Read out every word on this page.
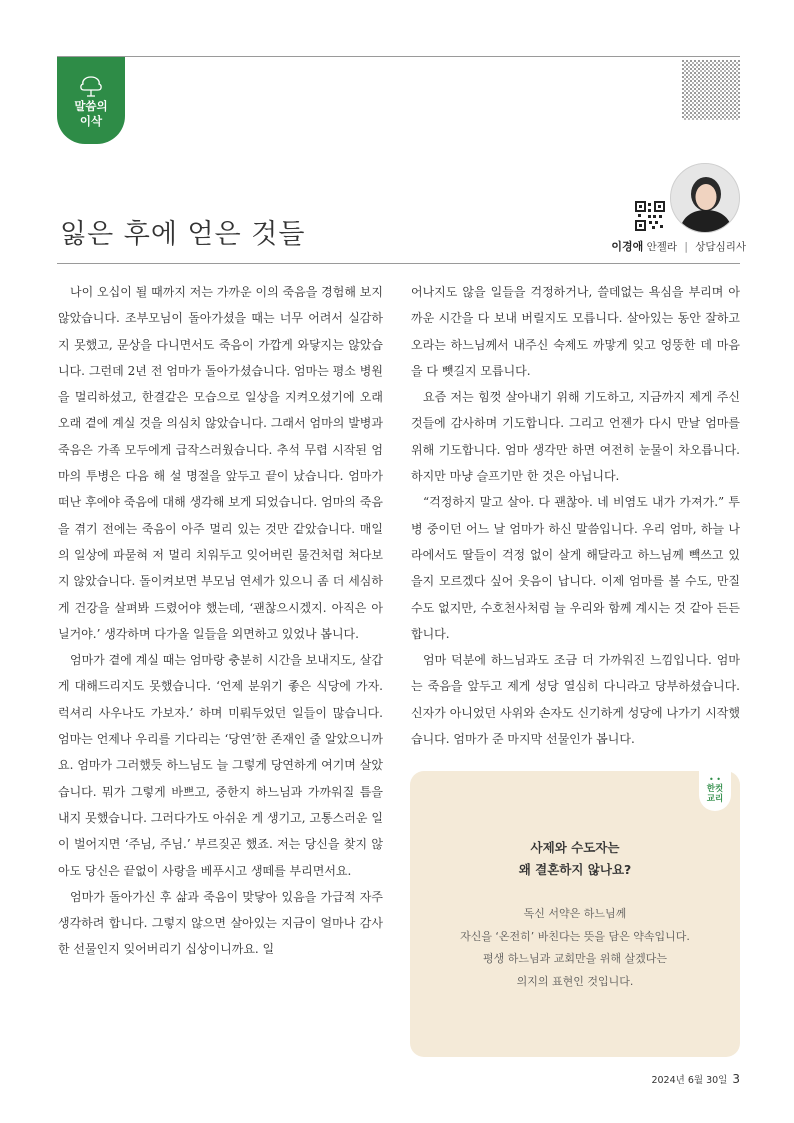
말씀의
이삭
잃은 후에 얻은 것들	이경애 안젤라 | 상담심리사

나이 오십이 될 때까지 저는 가까운 이의 죽음을 경험해 보지 않았습니다. 조부모님이 돌아가셨을 때는 너무 어려서 실감하지 못했고, 문상을 다니면서도 죽음이 가깝게 와닿지는 않았습니다. 그런데 2년 전 엄마가 돌아가셨습니다. 엄마는 평소 병원을 멀리하셨고, 한결같은 모습으로 일상을 지켜오셨기에 오래오래 곁에 계실 것을 의심치 않았습니다. 그래서 엄마의 발병과 죽음은 가족 모두에게 급작스러웠습니다. 추석 무렵 시작된 엄마의 투병은 다음 해 설 명절을 앞두고 끝이 났습니다. 엄마가 떠난 후에야 죽음에 대해 생각해 보게 되었습니다. 엄마의 죽음을 겪기 전에는 죽음이 아주 멀리 있는 것만 같았습니다. 매일의 일상에 파묻혀 저 멀리 치워두고 잊어버린 물건처럼 쳐다보지 않았습니다. 돌이켜보면 부모님 연세가 있으니 좀 더 세심하게 건강을 살펴봐 드렸어야 했는데, ‘괜찮으시겠지. 아직은 아닐거야.’ 생각하며 다가올 일들을 외면하고 있었나 봅니다.

엄마가 곁에 계실 때는 엄마랑 충분히 시간을 보내지도, 살갑게 대해드리지도 못했습니다. ‘언제 분위기 좋은 식당에 가자. 럭셔리 사우나도 가보자.’ 하며 미뤄두었던 일들이 많습니다. 엄마는 언제나 우리를 기다리는 ‘당연’한 존재인 줄 알았으니까요. 엄마가 그러했듯 하느님도 늘 그렇게 당연하게 여기며 살았습니다. 뭐가 그렇게 바쁘고, 중한지 하느님과 가까워질 틈을 내지 못했습니다. 그러다가도 아쉬운 게 생기고, 고통스러운 일이 벌어지면 ‘주님, 주님.’ 부르짖곤 했죠. 저는 당신을 찾지 않아도 당신은 끝없이 사랑을 베푸시고 생떼를 부리면서요.

엄마가 돌아가신 후 삶과 죽음이 맞닿아 있음을 가급적 자주 생각하려 합니다. 그렇지 않으면 살아있는 지금이 얼마나 감사한 선물인지 잊어버리기 십상이니까요. 일

어나지도 않을 일들을 걱정하거나, 쓸데없는 욕심을 부리며 아까운 시간을 다 보내 버릴지도 모릅니다. 살아있는 동안 잘하고 오라는 하느님께서 내주신 숙제도 까맣게 잊고 엉뚱한 데 마음을 다 뺏길지 모릅니다.

요즘 저는 힘껏 살아내기 위해 기도하고, 지금까지 제게 주신 것들에 감사하며 기도합니다. 그리고 언젠가 다시 만날 엄마를 위해 기도합니다. 엄마 생각만 하면 여전히 눈물이 차오릅니다. 하지만 마냥 슬프기만 한 것은 아닙니다.

“걱정하지 말고 살아. 다 괜찮아. 네 비염도 내가 가져가.” 투병 중이던 어느 날 엄마가 하신 말씀입니다. 우리 엄마, 하늘 나라에서도 딸들이 걱정 없이 살게 해달라고 하느님께 빽쓰고 있을지 모르겠다 싶어 웃음이 납니다. 이제 엄마를 볼 수도, 만질 수도 없지만, 수호천사처럼 늘 우리와 함께 계시는 것 같아 든든합니다.

엄마 덕분에 하느님과도 조금 더 가까워진 느낌입니다. 엄마는 죽음을 앞두고 제게 성당 열심히 다니라고 당부하셨습니다. 신자가 아니었던 사위와 손자도 신기하게 성당에 나가기 시작했습니다. 엄마가 준 마지막 선물인가 봅니다.

• •
한컷
교리
사제와 수도자는
왜 결혼하지 않나요?
독신 서약은 하느님께
자신을 ‘온전히’ 바친다는 뜻을 담은 약속입니다.
평생 하느님과 교회만을 위해 살겠다는
의지의 표현인 것입니다.
2024년 6월 30일 3
